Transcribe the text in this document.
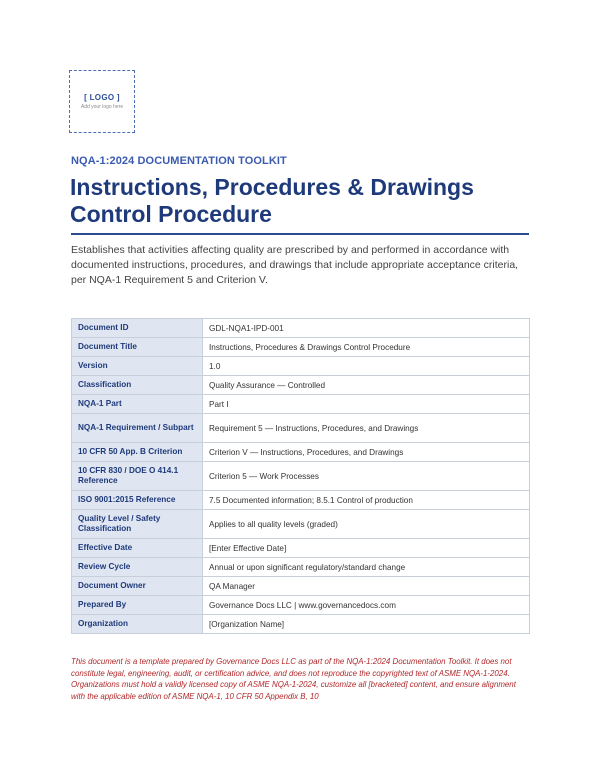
[ LOGO ]
Add your logo here
NQA-1:2024 DOCUMENTATION TOOLKIT
Instructions, Procedures & Drawings Control Procedure

Establishes that activities affecting quality are prescribed by and performed in accordance with documented instructions, procedures, and drawings that include appropriate acceptance criteria, per NQA-1 Requirement 5 and Criterion V.

Document ID	GDL-NQA1-IPD-001
Document Title	Instructions, Procedures & Drawings Control Procedure
Version	1.0
Classification	Quality Assurance — Controlled
NQA-1 Part	Part I
NQA-1 Requirement / Subpart	Requirement 5 — Instructions, Procedures, and Drawings
10 CFR 50 App. B Criterion	Criterion V — Instructions, Procedures, and Drawings
10 CFR 830 / DOE O 414.1 Reference	Criterion 5 — Work Processes
ISO 9001:2015 Reference	7.5 Documented information; 8.5.1 Control of production
Quality Level / Safety Classification	Applies to all quality levels (graded)
Effective Date	[Enter Effective Date]
Review Cycle	Annual or upon significant regulatory/standard change
Document Owner	QA Manager
Prepared By	Governance Docs LLC | www.governancedocs.com
Organization	[Organization Name]

This document is a template prepared by Governance Docs LLC as part of the NQA-1:2024 Documentation Toolkit. It does not constitute legal, engineering, audit, or certification advice, and does not reproduce the copyrighted text of ASME NQA-1-2024. Organizations must hold a validly licensed copy of ASME NQA-1-2024, customize all [bracketed] content, and ensure alignment with the applicable edition of ASME NQA-1, 10 CFR 50 Appendix B, 10
